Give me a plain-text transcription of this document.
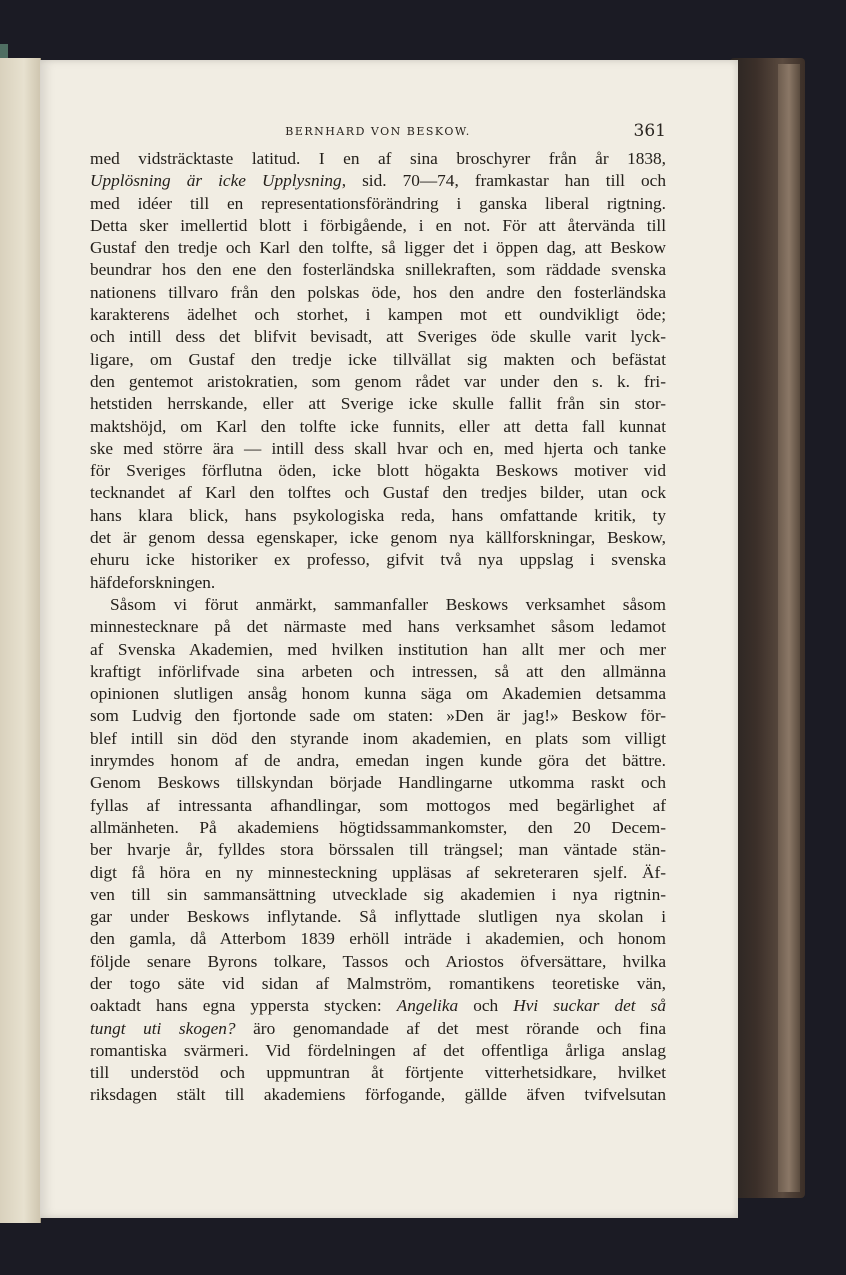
BERNHARD VON BESKOW.	361
med vidsträcktaste latitud. I en af sina broschyrer från år 1838,
Upplösning är icke Upplysning, sid. 70—74, framkastar han till och
med idéer till en representationsförändring i ganska liberal rigtning.
Detta sker imellertid blott i förbigående, i en not. För att återvända till
Gustaf den tredje och Karl den tolfte, så ligger det i öppen dag, att Beskow
beundrar hos den ene den fosterländska snillekraften, som räddade svenska
nationens tillvaro från den polskas öde, hos den andre den fosterländska
karakterens ädelhet och storhet, i kampen mot ett oundvikligt öde;
och intill dess det blifvit bevisadt, att Sveriges öde skulle varit lyck-
ligare, om Gustaf den tredje icke tillvällat sig makten och befästat
den gentemot aristokratien, som genom rådet var under den s. k. fri-
hetstiden herrskande, eller att Sverige icke skulle fallit från sin stor-
maktshöjd, om Karl den tolfte icke funnits, eller att detta fall kunnat
ske med större ära — intill dess skall hvar och en, med hjerta och tanke
för Sveriges förflutna öden, icke blott högakta Beskows motiver vid
tecknandet af Karl den tolftes och Gustaf den tredjes bilder, utan ock
hans klara blick, hans psykologiska reda, hans omfattande kritik, ty
det är genom dessa egenskaper, icke genom nya källforskningar, Beskow,
ehuru icke historiker ex professo, gifvit två nya uppslag i svenska
häfdeforskningen.
Såsom vi förut anmärkt, sammanfaller Beskows verksamhet såsom
minnestecknare på det närmaste med hans verksamhet såsom ledamot
af Svenska Akademien, med hvilken institution han allt mer och mer
kraftigt införlifvade sina arbeten och intressen, så att den allmänna
opinionen slutligen ansåg honom kunna säga om Akademien detsamma
som Ludvig den fjortonde sade om staten: »Den är jag!» Beskow för-
blef intill sin död den styrande inom akademien, en plats som villigt
inrymdes honom af de andra, emedan ingen kunde göra det bättre.
Genom Beskows tillskyndan började Handlingarne utkomma raskt och
fyllas af intressanta afhandlingar, som mottogos med begärlighet af
allmänheten. På akademiens högtidssammankomster, den 20 Decem-
ber hvarje år, fylldes stora börssalen till trängsel; man väntade stän-
digt få höra en ny minnesteckning uppläsas af sekreteraren sjelf. Äf-
ven till sin sammansättning utvecklade sig akademien i nya rigtnin-
gar under Beskows inflytande. Så inflyttade slutligen nya skolan i
den gamla, då Atterbom 1839 erhöll inträde i akademien, och honom
följde senare Byrons tolkare, Tassos och Ariostos öfversättare, hvilka
der togo säte vid sidan af Malmström, romantikens teoretiske vän,
oaktadt hans egna yppersta stycken: Angelika och Hvi suckar det så
tungt uti skogen? äro genomandade af det mest rörande och fina
romantiska svärmeri. Vid fördelningen af det offentliga årliga anslag
till understöd och uppmuntran åt förtjente vitterhetsidkare, hvilket
riksdagen stält till akademiens förfogande, gällde äfven tvifvelsutan
